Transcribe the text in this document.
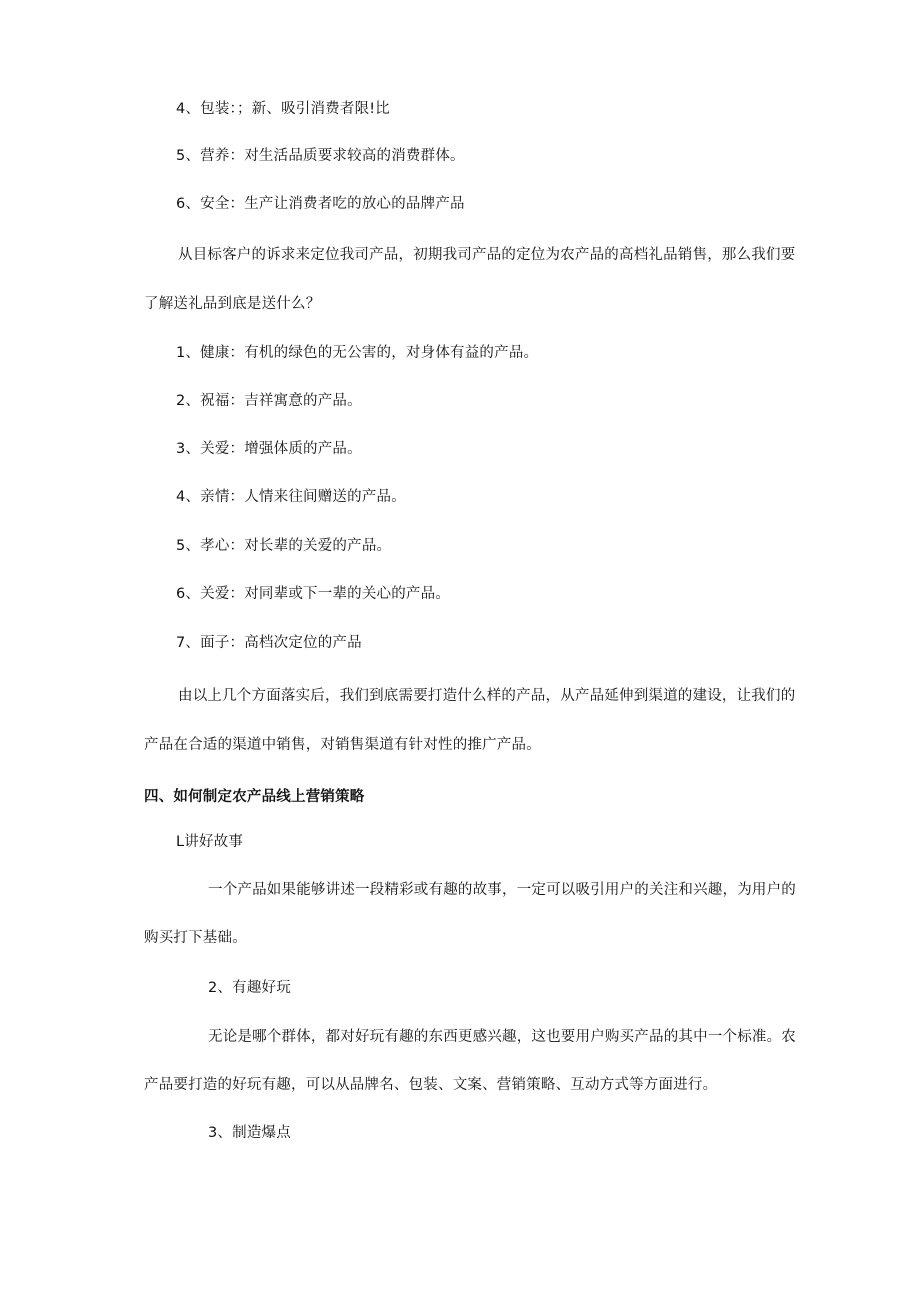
4、包装：；新、吸引消费者限!比
5、营养：对生活品质要求较高的消费群体。
6、安全：生产让消费者吃的放心的品牌产品
从目标客户的诉求来定位我司产品，初期我司产品的定位为农产品的高档礼品销售，那么我们要
了解送礼品到底是送什么？
1、健康：有机的绿色的无公害的，对身体有益的产品。
2、祝福：吉祥寓意的产品。
3、关爱：增强体质的产品。
4、亲情：人情来往间赠送的产品。
5、孝心：对长辈的关爱的产品。
6、关爱：对同辈或下一辈的关心的产品。
7、面子：高档次定位的产品
由以上几个方面落实后，我们到底需要打造什么样的产品，从产品延伸到渠道的建设，让我们的
产品在合适的渠道中销售，对销售渠道有针对性的推广产品。
四、如何制定农产品线上营销策略
L讲好故事
一个产品如果能够讲述一段精彩或有趣的故事，一定可以吸引用户的关注和兴趣，为用户的
购买打下基础。
2、有趣好玩
无论是哪个群体，都对好玩有趣的东西更感兴趣，这也要用户购买产品的其中一个标准。农
产品要打造的好玩有趣，可以从品牌名、包装、文案、营销策略、互动方式等方面进行。
3、制造爆点
